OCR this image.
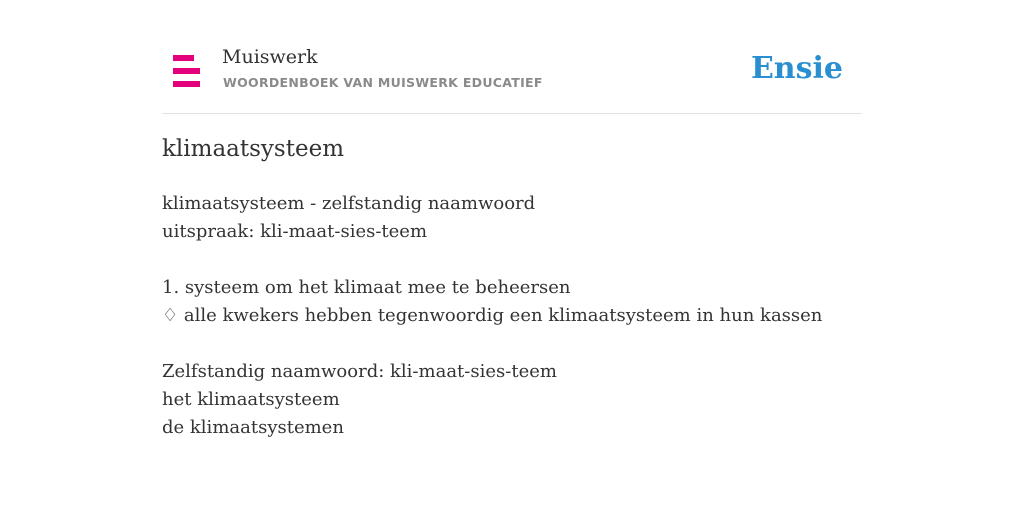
Muiswerk
WOORDENBOEK VAN MUISWERK EDUCATIEF	Ensie
klimaatsysteem
klimaatsysteem - zelfstandig naamwoord
uitspraak: kli-maat-sies-teem
1. systeem om het klimaat mee te beheersen
♢ alle kwekers hebben tegenwoordig een klimaatsysteem in hun kassen
Zelfstandig naamwoord: kli-maat-sies-teem
het klimaatsysteem
de klimaatsystemen
